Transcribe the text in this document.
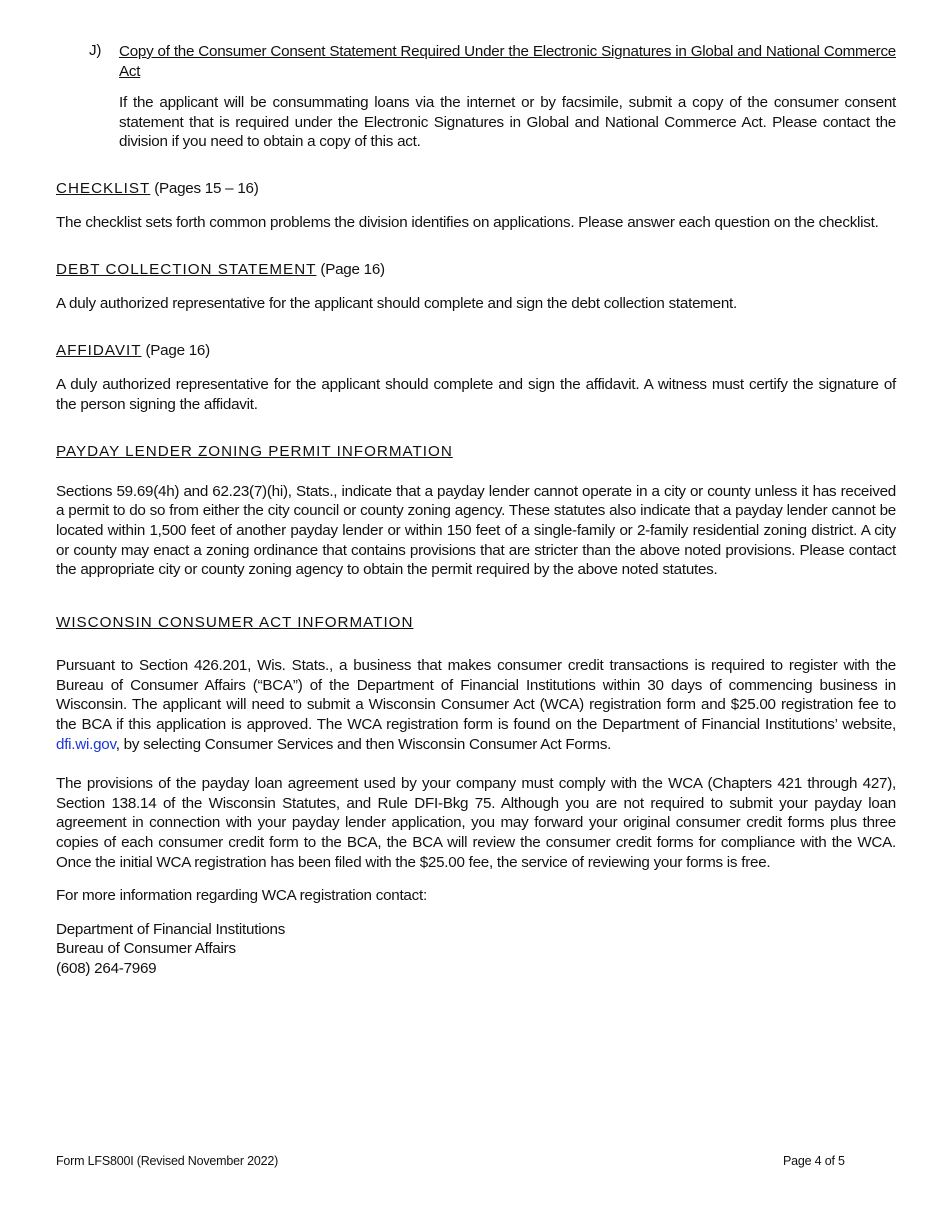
J) Copy of the Consumer Consent Statement Required Under the Electronic Signatures in Global and National Commerce Act

If the applicant will be consummating loans via the internet or by facsimile, submit a copy of the consumer consent statement that is required under the Electronic Signatures in Global and National Commerce Act. Please contact the division if you need to obtain a copy of this act.

CHECKLIST (Pages 15 – 16)

The checklist sets forth common problems the division identifies on applications. Please answer each question on the checklist.

DEBT COLLECTION STATEMENT (Page 16)

A duly authorized representative for the applicant should complete and sign the debt collection statement.

AFFIDAVIT (Page 16)

A duly authorized representative for the applicant should complete and sign the affidavit. A witness must certify the signature of the person signing the affidavit.

PAYDAY LENDER ZONING PERMIT INFORMATION

Sections 59.69(4h) and 62.23(7)(hi), Stats., indicate that a payday lender cannot operate in a city or county unless it has received a permit to do so from either the city council or county zoning agency. These statutes also indicate that a payday lender cannot be located within 1,500 feet of another payday lender or within 150 feet of a single-family or 2-family residential zoning district. A city or county may enact a zoning ordinance that contains provisions that are stricter than the above noted provisions. Please contact the appropriate city or county zoning agency to obtain the permit required by the above noted statutes.

WISCONSIN CONSUMER ACT INFORMATION

Pursuant to Section 426.201, Wis. Stats., a business that makes consumer credit transactions is required to register with the Bureau of Consumer Affairs (“BCA”) of the Department of Financial Institutions within 30 days of commencing business in Wisconsin. The applicant will need to submit a Wisconsin Consumer Act (WCA) registration form and $25.00 registration fee to the BCA if this application is approved. The WCA registration form is found on the Department of Financial Institutions’ website, dfi.wi.gov, by selecting Consumer Services and then Wisconsin Consumer Act Forms.

The provisions of the payday loan agreement used by your company must comply with the WCA (Chapters 421 through 427), Section 138.14 of the Wisconsin Statutes, and Rule DFI-Bkg 75. Although you are not required to submit your payday loan agreement in connection with your payday lender application, you may forward your original consumer credit forms plus three copies of each consumer credit form to the BCA, the BCA will review the consumer credit forms for compliance with the WCA. Once the initial WCA registration has been filed with the $25.00 fee, the service of reviewing your forms is free.

For more information regarding WCA registration contact:

Department of Financial Institutions

Bureau of Consumer Affairs

(608) 264-7969

Form LFS800I (Revised November 2022)	Page 4 of 5
